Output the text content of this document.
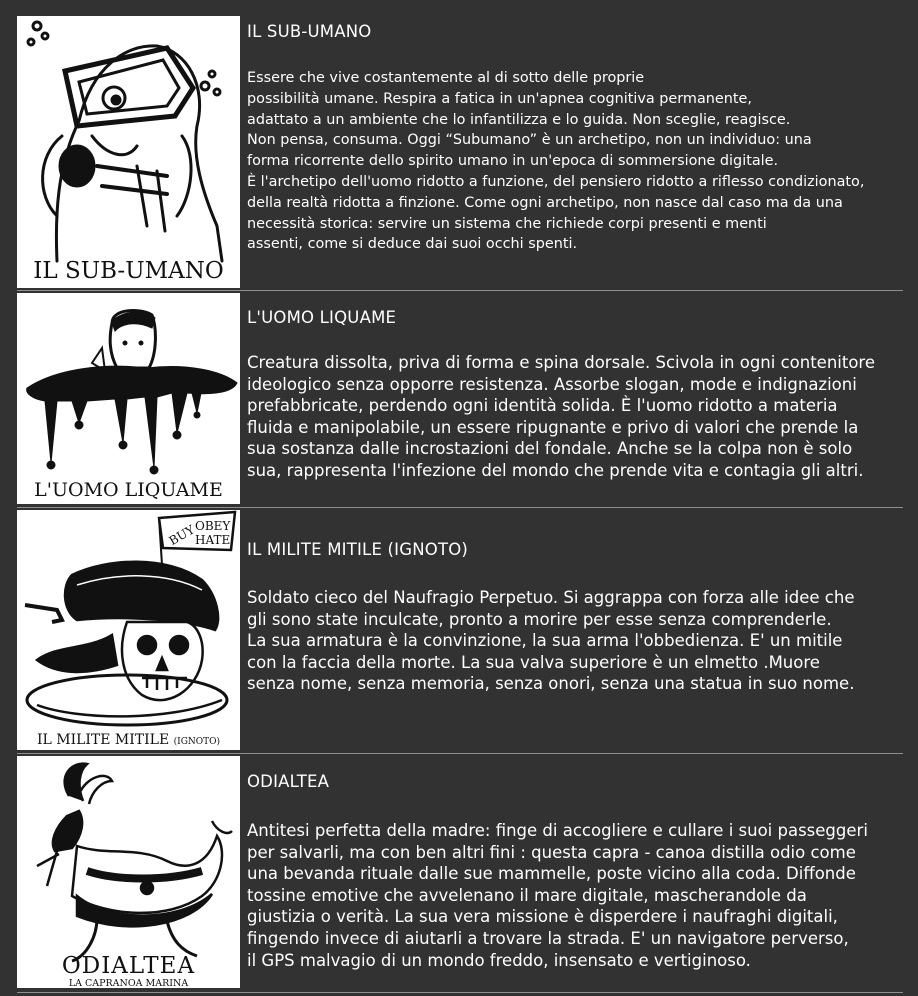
IL SUB-UMANO
IL SUB-UMANO
Essere che vive costantemente al di sotto delle proprie
possibilità umane. Respira a fatica in un'apnea cognitiva permanente,
adattato a un ambiente che lo infantilizza e lo guida. Non sceglie, reagisce.
Non pensa, consuma. Oggi “Subumano” è un archetipo, non un individuo: una
forma ricorrente dello spirito umano in un'epoca di sommersione digitale.
È l'archetipo dell'uomo ridotto a funzione, del pensiero ridotto a riflesso condizionato,
della realtà ridotta a finzione. Come ogni archetipo, non nasce dal caso ma da una
necessità storica: servire un sistema che richiede corpi presenti e menti
assenti, come si deduce dai suoi occhi spenti.
L'UOMO LIQUAME
L'UOMO LIQUAME
Creatura dissolta, priva di forma e spina dorsale. Scivola in ogni contenitore
ideologico senza opporre resistenza. Assorbe slogan, mode e indignazioni
prefabbricate, perdendo ogni identità solida. È l'uomo ridotto a materia
fluida e manipolabile, un essere ripugnante e privo di valori che prende la
sua sostanza dalle incrostazioni del fondale. Anche se la colpa non è solo
sua, rappresenta l'infezione del mondo che prende vita e contagia gli altri.
BUY
OBEY
HATE
IL MILITE MITILE (IGNOTO)
IL MILITE MITILE (IGNOTO)
Soldato cieco del Naufragio Perpetuo. Si aggrappa con forza alle idee che
gli sono state inculcate, pronto a morire per esse senza comprenderle.
La sua armatura è la convinzione, la sua arma l'obbedienza. E' un mitile
con la faccia della morte. La sua valva superiore è un elmetto .Muore
senza nome, senza memoria, senza onori, senza una statua in suo nome.
ODIALTEA
LA CAPRANOA MARINA
ODIALTEA
Antitesi perfetta della madre: finge di accogliere e cullare i suoi passeggeri
per salvarli, ma con ben altri fini : questa capra - canoa distilla odio come
una bevanda rituale dalle sue mammelle, poste vicino alla coda. Diffonde
tossine emotive che avvelenano il mare digitale, mascherandole da
giustizia o verità. La sua vera missione è disperdere i naufraghi digitali,
fingendo invece di aiutarli a trovare la strada. E' un navigatore perverso,
il GPS malvagio di un mondo freddo, insensato e vertiginoso.
